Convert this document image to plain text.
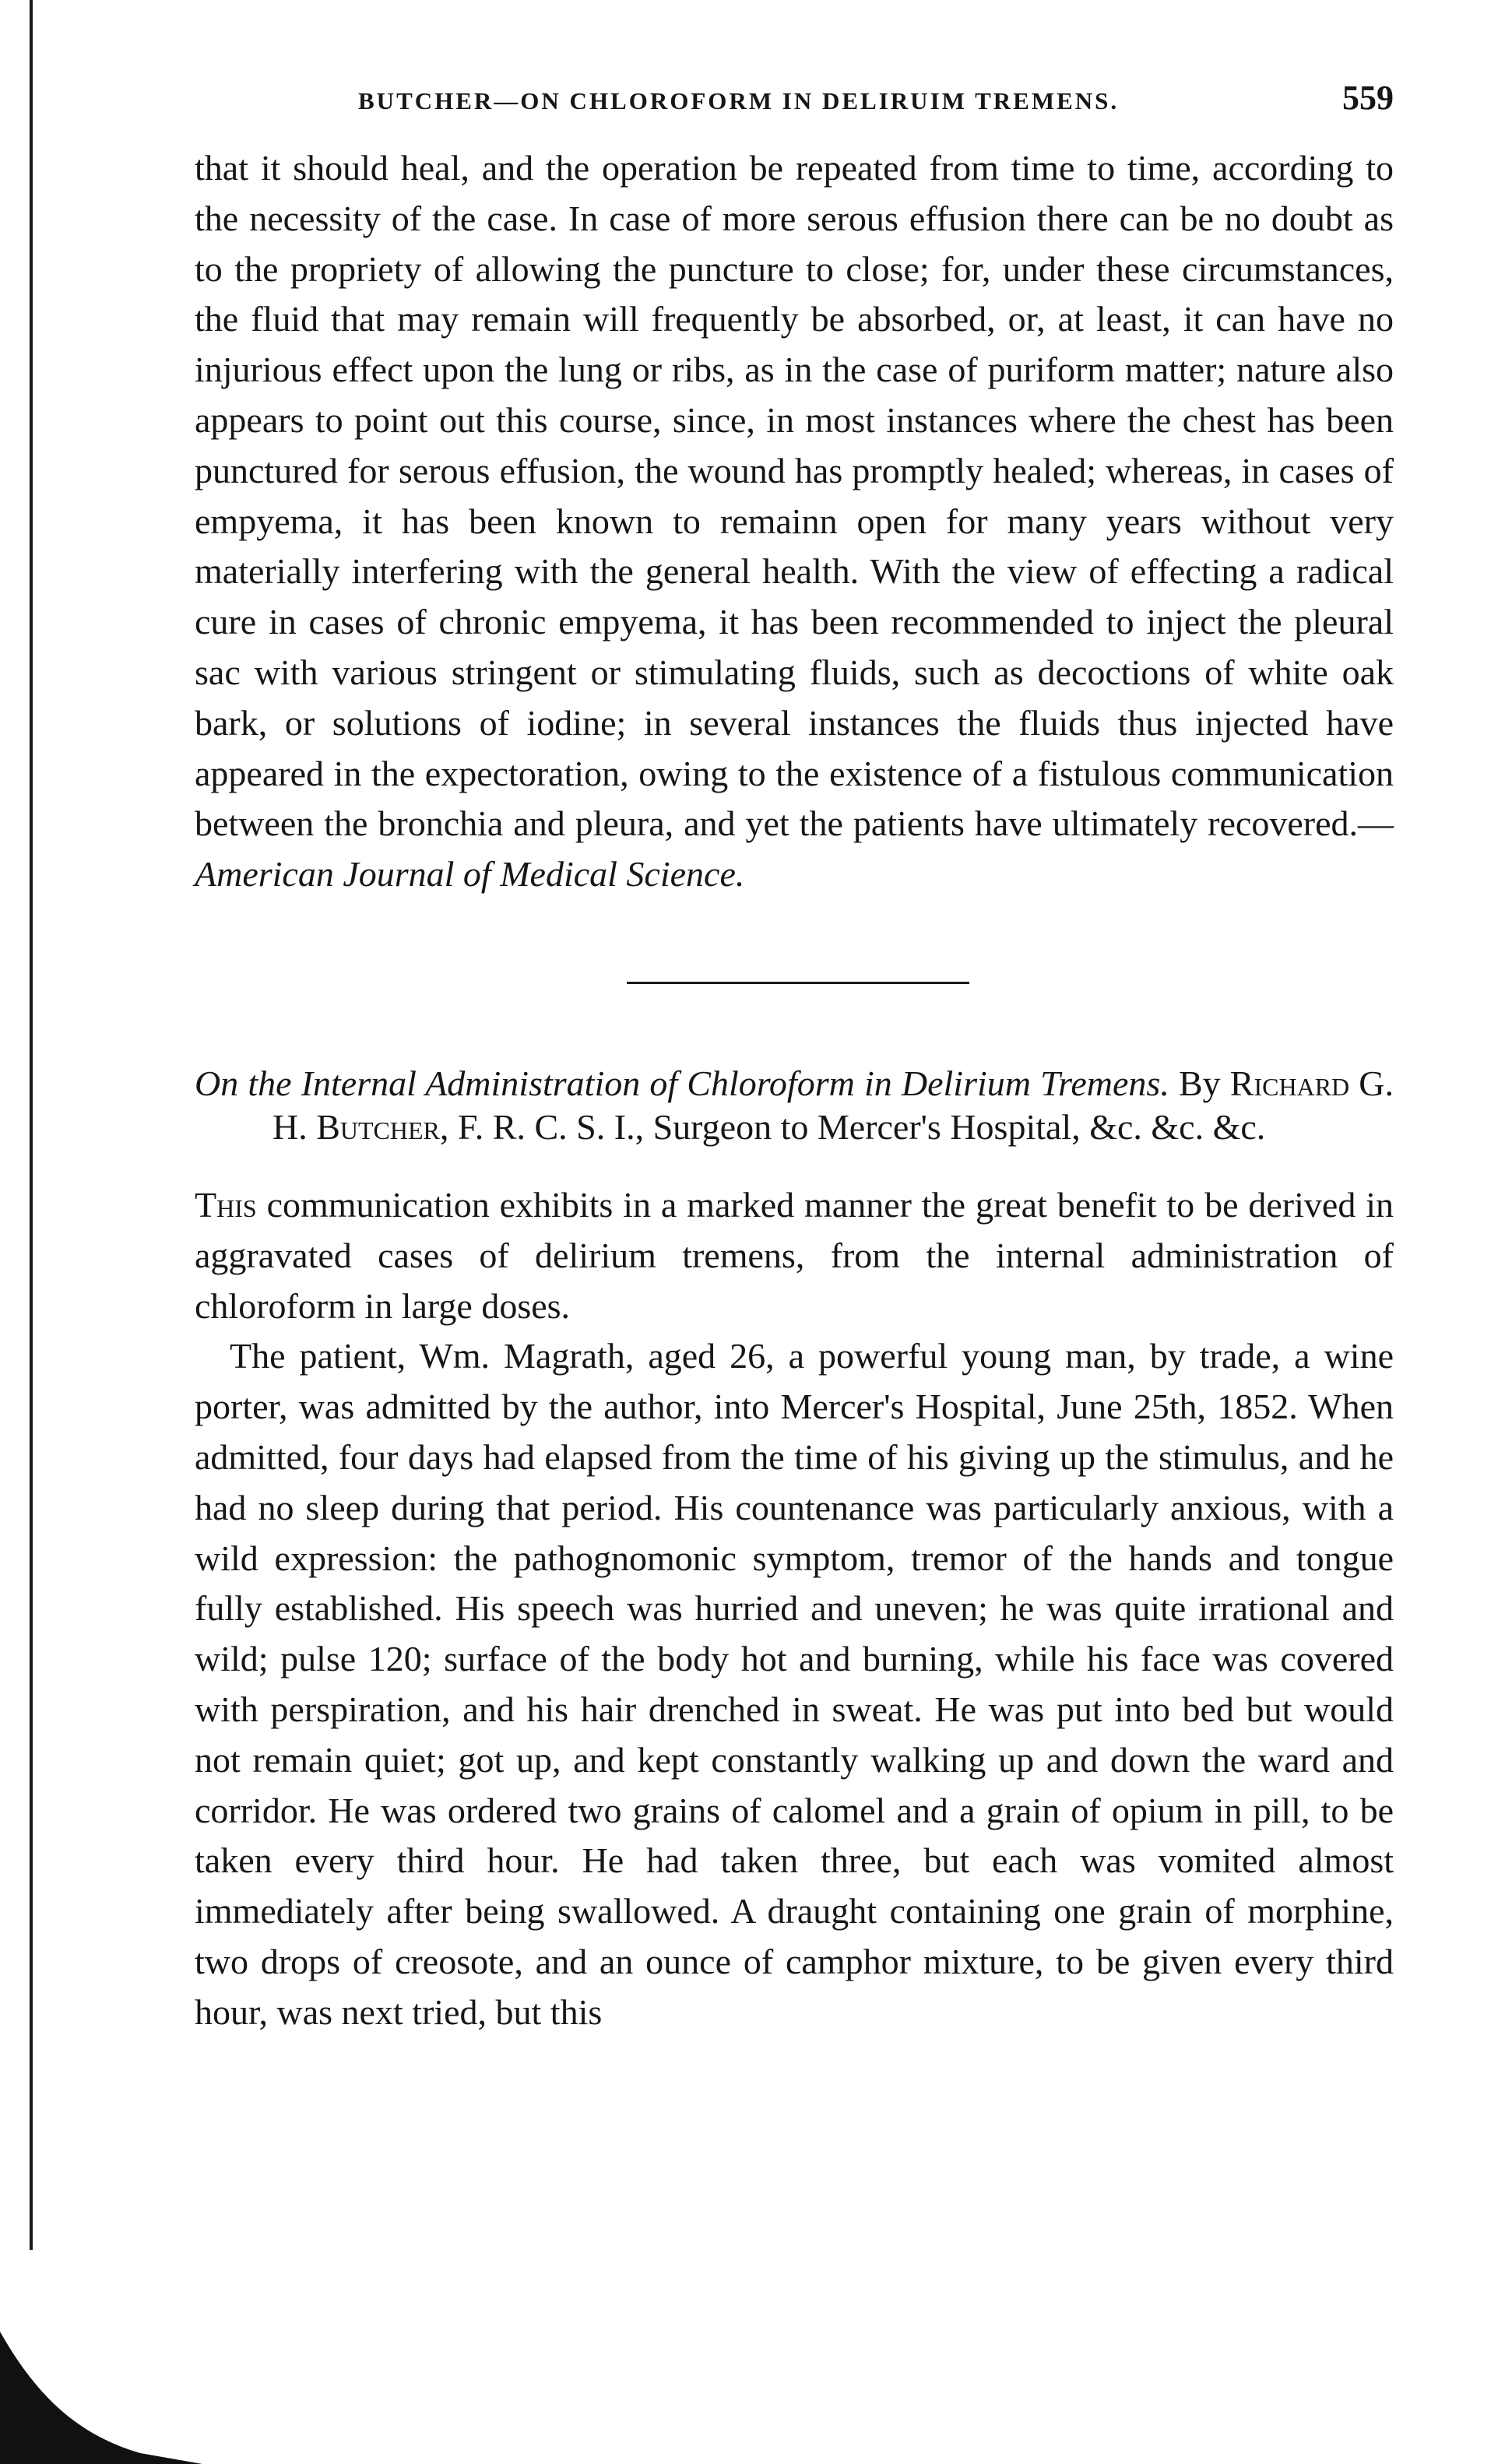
BUTCHER—ON CHLOROFORM IN DELIRUIM TREMENS.	559

that it should heal, and the operation be repeated from time to time, according to the necessity of the case. In case of more serous effusion there can be no doubt as to the propriety of allowing the puncture to close; for, under these circumstances, the fluid that may remain will frequently be absorbed, or, at least, it can have no injurious effect upon the lung or ribs, as in the case of puriform matter; nature also appears to point out this course, since, in most instances where the chest has been punctured for serous effusion, the wound has promptly healed; whereas, in cases of empyema, it has been known to remainn open for many years without very materially interfering with the general health. With the view of effecting a radical cure in cases of chronic empyema, it has been recommended to inject the pleural sac with various stringent or stimulating fluids, such as decoctions of white oak bark, or solutions of iodine; in several instances the fluids thus injected have appeared in the expectoration, owing to the existence of a fistulous communication between the bronchia and pleura, and yet the patients have ultimately recovered.—American Journal of Medical Science.

On the Internal Administration of Chloroform in Delirium Tremens. By Richard G. H. Butcher, F. R. C. S. I., Surgeon to Mercer's Hospital, &c. &c. &c.

This communication exhibits in a marked manner the great benefit to be derived in aggravated cases of delirium tremens, from the internal administration of chloroform in large doses.

The patient, Wm. Magrath, aged 26, a powerful young man, by trade, a wine porter, was admitted by the author, into Mercer's Hospital, June 25th, 1852. When admitted, four days had elapsed from the time of his giving up the stimulus, and he had no sleep during that period. His countenance was particularly anxious, with a wild expression: the pathognomonic symptom, tremor of the hands and tongue fully established. His speech was hurried and uneven; he was quite irrational and wild; pulse 120; surface of the body hot and burning, while his face was covered with perspiration, and his hair drenched in sweat. He was put into bed but would not remain quiet; got up, and kept constantly walking up and down the ward and corridor. He was ordered two grains of calomel and a grain of opium in pill, to be taken every third hour. He had taken three, but each was vomited almost immediately after being swallowed. A draught containing one grain of morphine, two drops of creosote, and an ounce of camphor mixture, to be given every third hour, was next tried, but this
